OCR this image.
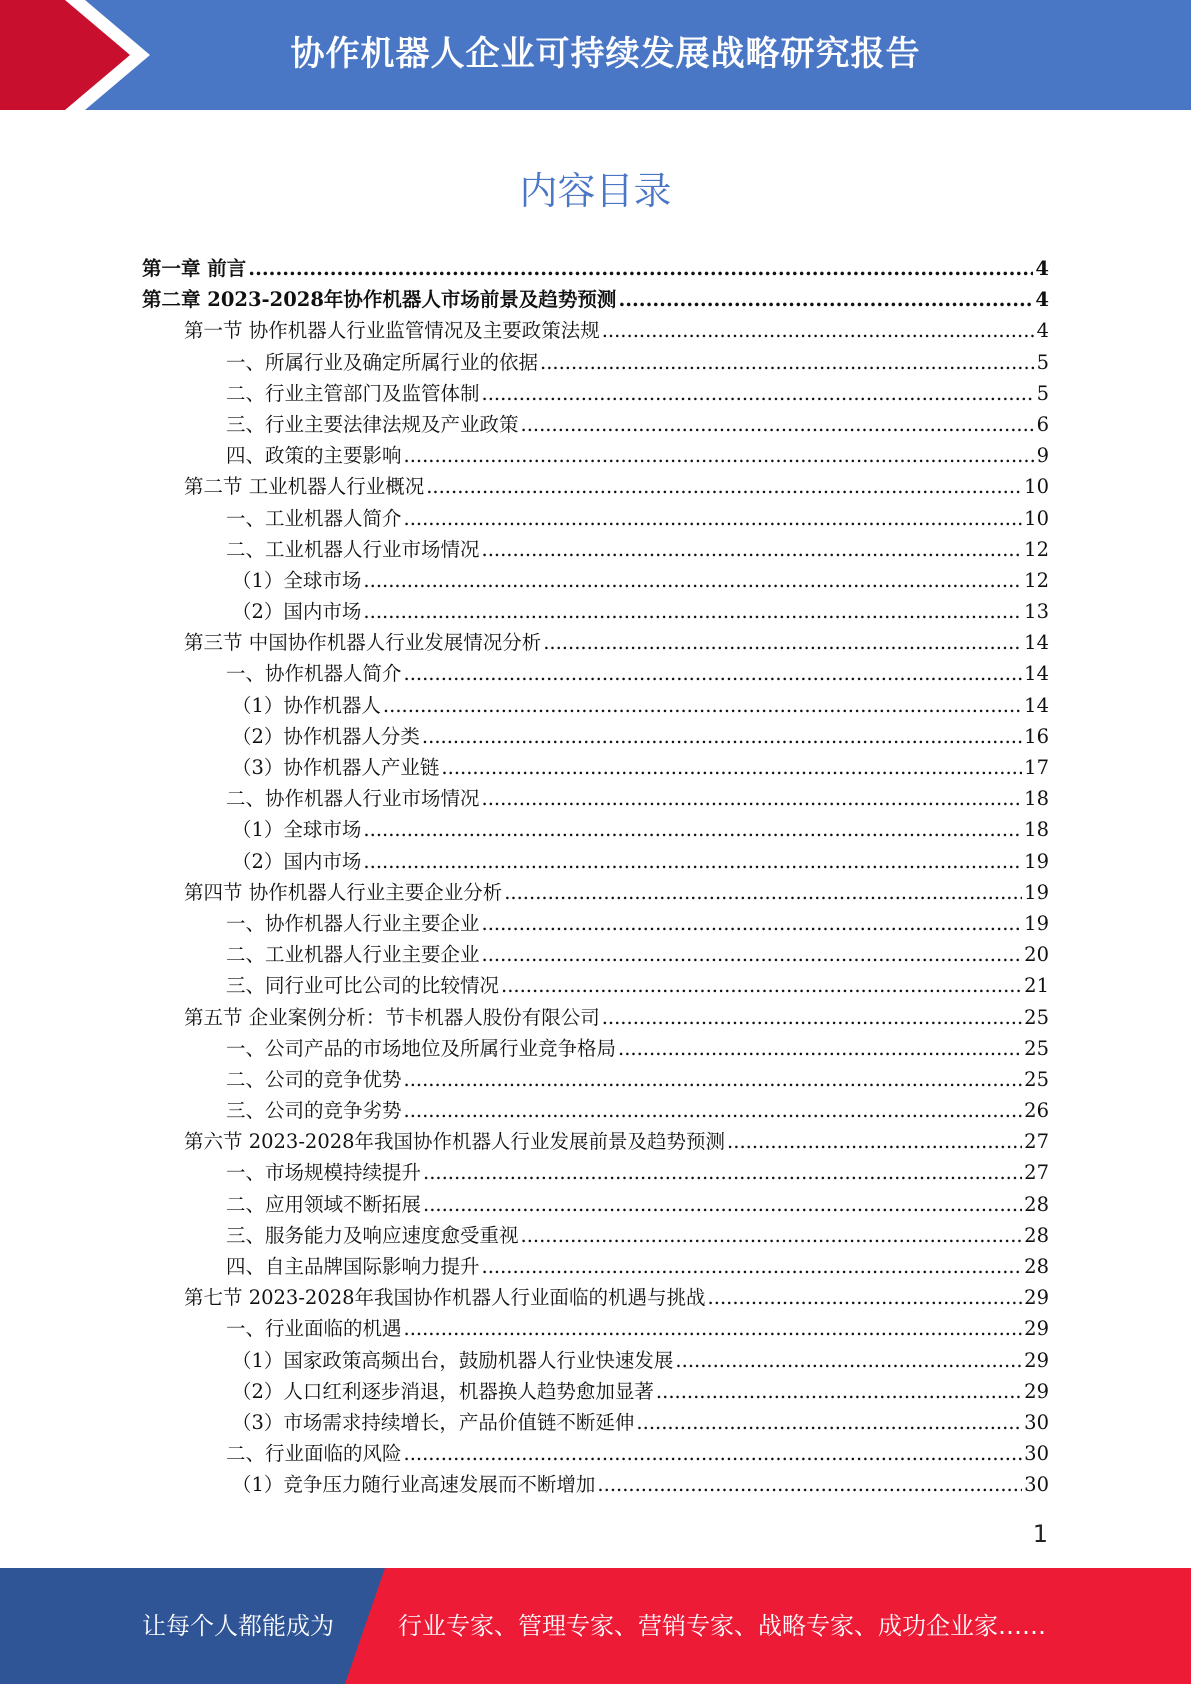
协作机器人企业可持续发展战略研究报告
内容目录
第一章 前言 .....	4
第二章 2023-2028年协作机器人市场前景及趋势预测 .....	4
第一节 协作机器人行业监管情况及主要政策法规 .....	4
一、所属行业及确定所属行业的依据 .....	5
二、行业主管部门及监管体制 .....	5
三、行业主要法律法规及产业政策 .....	6
四、政策的主要影响 .....	9
第二节 工业机器人行业概况 .....	10
一、工业机器人简介 .....	10
二、工业机器人行业市场情况 .....	12
（1）全球市场 .....	12
（2）国内市场 .....	13
第三节 中国协作机器人行业发展情况分析 .....	14
一、协作机器人简介 .....	14
（1）协作机器人 .....	14
（2）协作机器人分类 .....	16
（3）协作机器人产业链 .....	17
二、协作机器人行业市场情况 .....	18
（1）全球市场 .....	18
（2）国内市场 .....	19
第四节 协作机器人行业主要企业分析 .....	19
一、协作机器人行业主要企业 .....	19
二、工业机器人行业主要企业 .....	20
三、同行业可比公司的比较情况 .....	21
第五节 企业案例分析：节卡机器人股份有限公司 .....	25
一、公司产品的市场地位及所属行业竞争格局 .....	25
二、公司的竞争优势 .....	25
三、公司的竞争劣势 .....	26
第六节 2023-2028年我国协作机器人行业发展前景及趋势预测 .....	27
一、市场规模持续提升 .....	27
二、应用领域不断拓展 .....	28
三、服务能力及响应速度愈受重视 .....	28
四、自主品牌国际影响力提升 .....	28
第七节 2023-2028年我国协作机器人行业面临的机遇与挑战 .....	29
一、行业面临的机遇 .....	29
（1）国家政策高频出台，鼓励机器人行业快速发展 .....	29
（2）人口红利逐步消退，机器换人趋势愈加显著 .....	29
（3）市场需求持续增长，产品价值链不断延伸 .....	30
二、行业面临的风险 .....	30
（1）竞争压力随行业高速发展而不断增加 .....	30
1
让每个人都能成为	行业专家、管理专家、营销专家、战略专家、成功企业家……
